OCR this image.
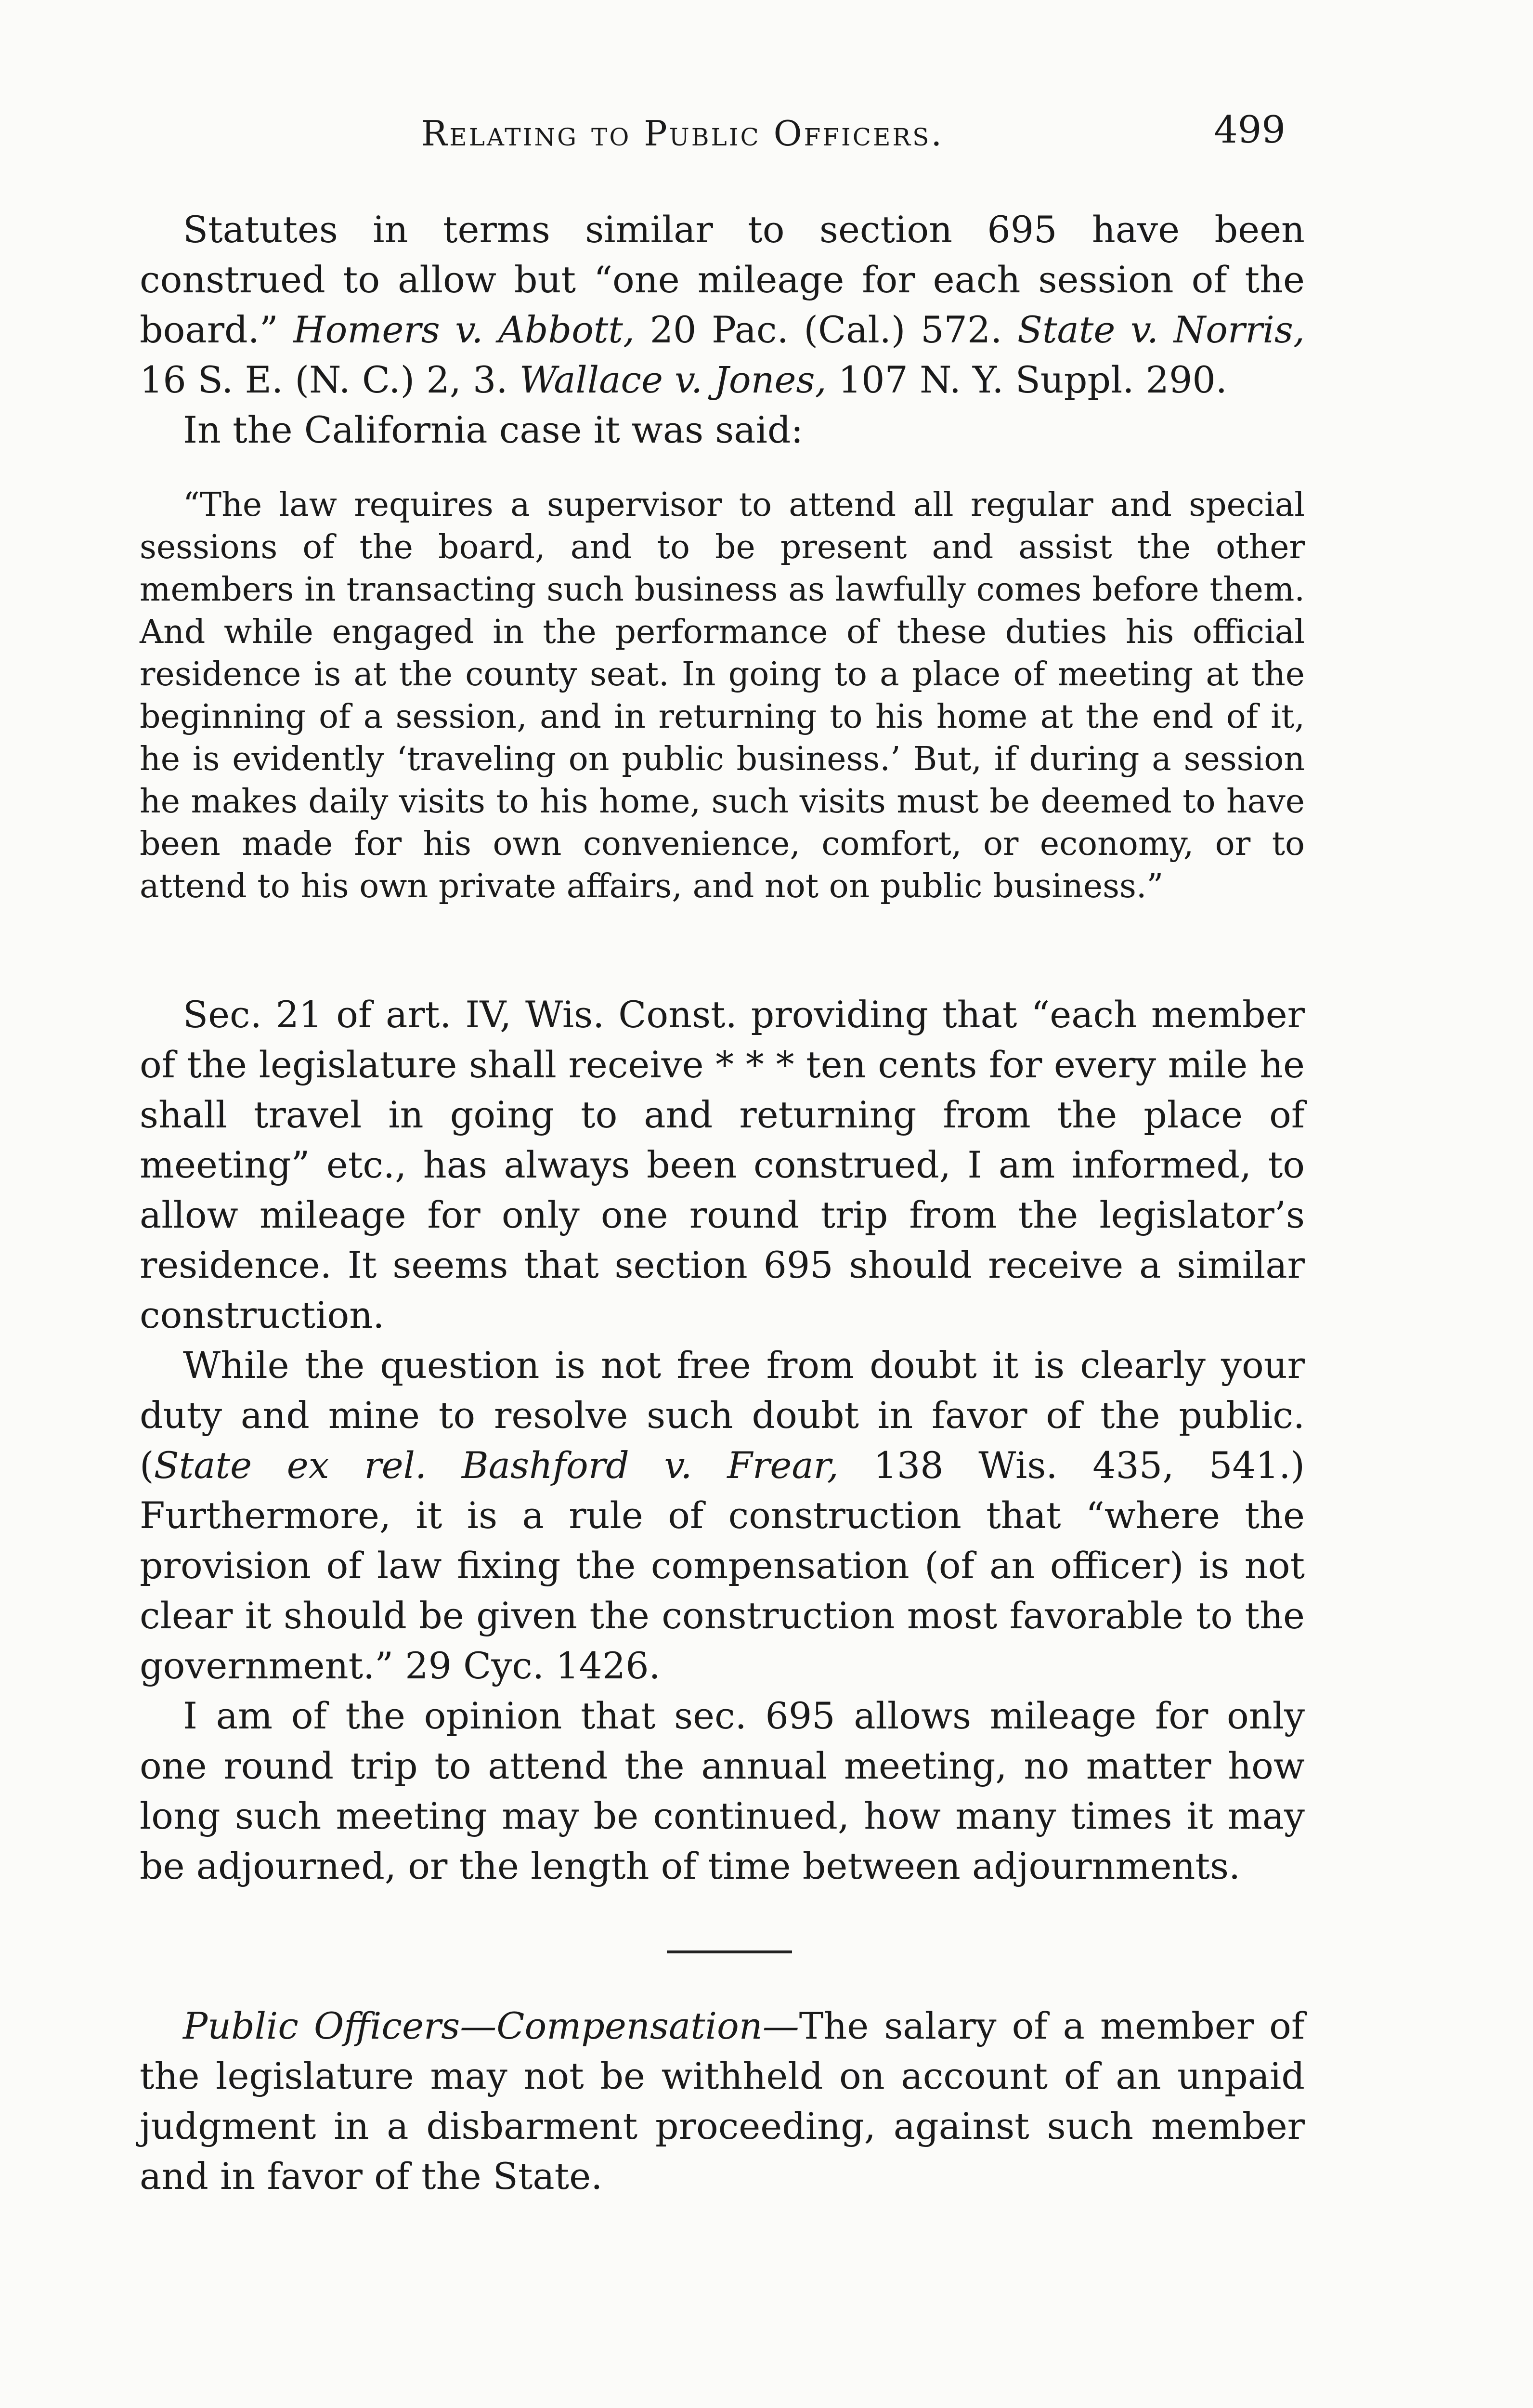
Relating to Public Officers.	499

Statutes in terms similar to section 695 have been construed to allow but “one mileage for each session of the board.” Homers v. Abbott, 20 Pac. (Cal.) 572. State v. Norris, 16 S. E. (N. C.) 2, 3. Wallace v. Jones, 107 N. Y. Suppl. 290.

In the California case it was said:

“The law requires a supervisor to attend all regular and special sessions of the board, and to be present and assist the other members in transacting such business as lawfully comes before them. And while engaged in the performance of these duties his official residence is at the county seat. In going to a place of meeting at the beginning of a session, and in returning to his home at the end of it, he is evidently ‘traveling on public business.’ But, if during a session he makes daily visits to his home, such visits must be deemed to have been made for his own convenience, comfort, or economy, or to attend to his own private affairs, and not on public business.”

Sec. 21 of art. IV, Wis. Const. providing that “each member of the legislature shall receive * * * ten cents for every mile he shall travel in going to and returning from the place of meeting” etc., has always been construed, I am informed, to allow mileage for only one round trip from the legislator’s residence. It seems that section 695 should receive a similar construction.

While the question is not free from doubt it is clearly your duty and mine to resolve such doubt in favor of the public. (State ex rel. Bashford v. Frear, 138 Wis. 435, 541.) Furthermore, it is a rule of construction that “where the provision of law fixing the compensation (of an officer) is not clear it should be given the construction most favorable to the government.” 29 Cyc. 1426.

I am of the opinion that sec. 695 allows mileage for only one round trip to attend the annual meeting, no matter how long such meeting may be continued, how many times it may be adjourned, or the length of time between adjournments.

Public Officers—Compensation—The salary of a member of the legislature may not be withheld on account of an unpaid judgment in a disbarment proceeding, against such member and in favor of the State.
